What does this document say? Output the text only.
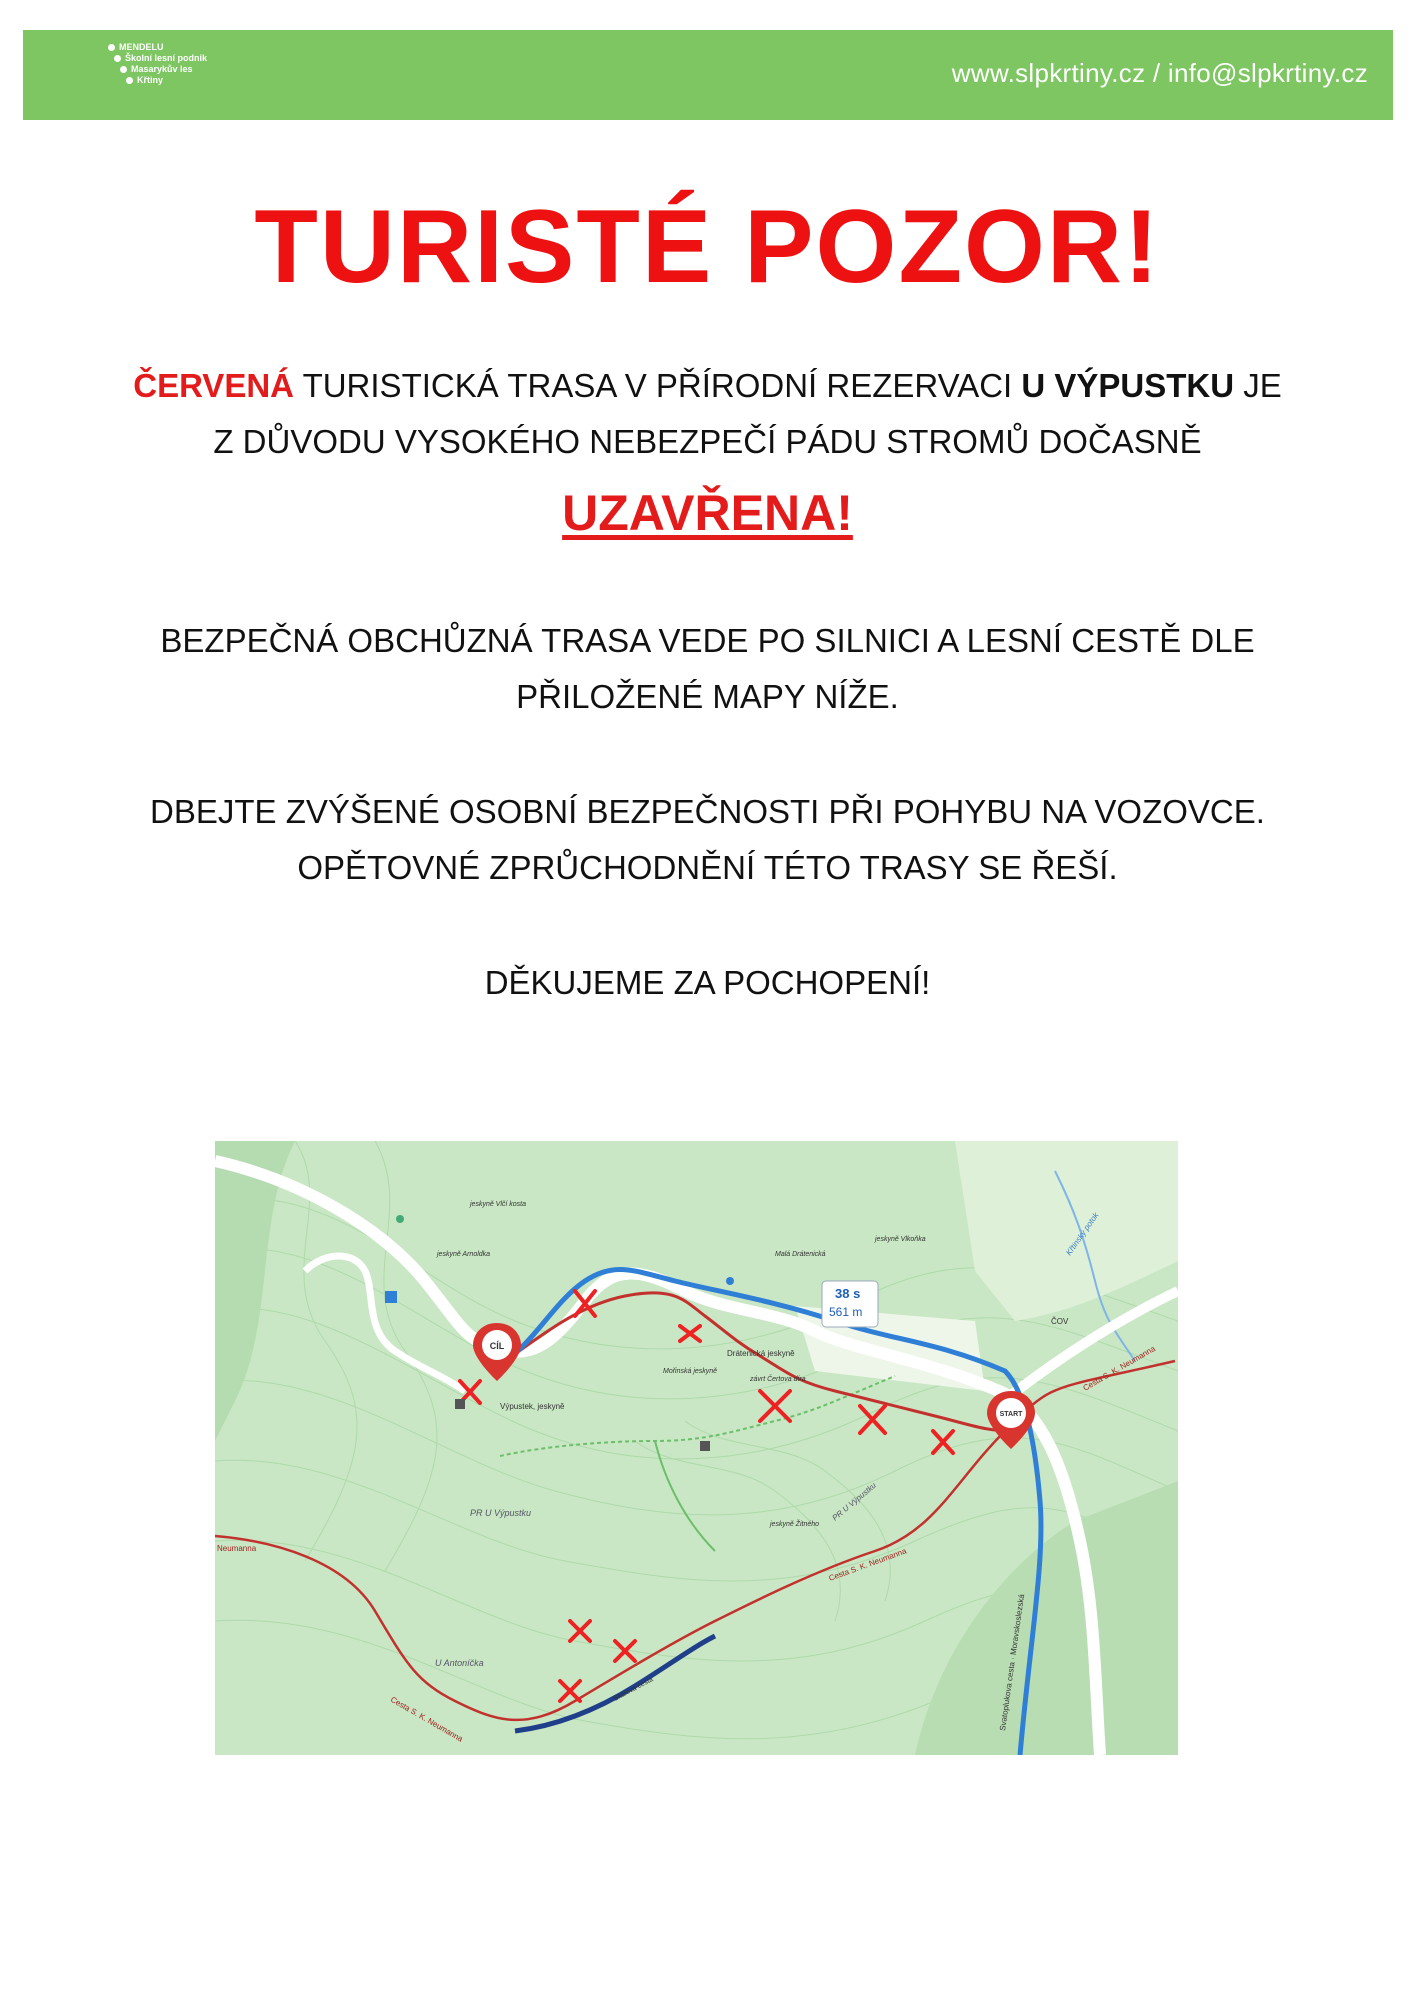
MENDELU
Školní lesní podnik
Masarykův les
Křtiny	www.slpkrtiny.cz / info@slpkrtiny.cz
TURISTÉ POZOR!
ČERVENÁ TURISTICKÁ TRASA V PŘÍRODNÍ REZERVACI U VÝPUSTKU JE
Z DŮVODU VYSOKÉHO NEBEZPEČÍ PÁDU STROMŮ DOČASNĚ
UZAVŘENA!
BEZPEČNÁ OBCHŮZNÁ TRASA VEDE PO SILNICI A LESNÍ CESTĚ DLE
PŘILOŽENÉ MAPY NÍŽE.
DBEJTE ZVÝŠENÉ OSOBNÍ BEZPEČNOSTI PŘI POHYBU NA VOZOVCE.
OPĚTOVNÉ ZPRŮCHODNĚNÍ TÉTO TRASY SE ŘEŠÍ.
DĚKUJEME ZA POCHOPENÍ!
38 s
561 m
CÍL
START
Výpustek, jeskyně
Drátenická jeskyně
Malá Drátenická
PR U Výpustku	PR U Výpustku
U Antoníčka
Cesta S. K. Neumanna
Cesta S. K. Neumanna
Cesta S. K. Neumanna
Neumanna
Skalova cesta	Svatoplukova cesta · Moravskoslezská
Křtinský potok
ČOV
jeskyně Vlčí kosta
jeskyně Arnoldka
jeskyně Žitného
jeskyně Vlkoňka
Mořinská jeskyně
závrt Čertova díra
